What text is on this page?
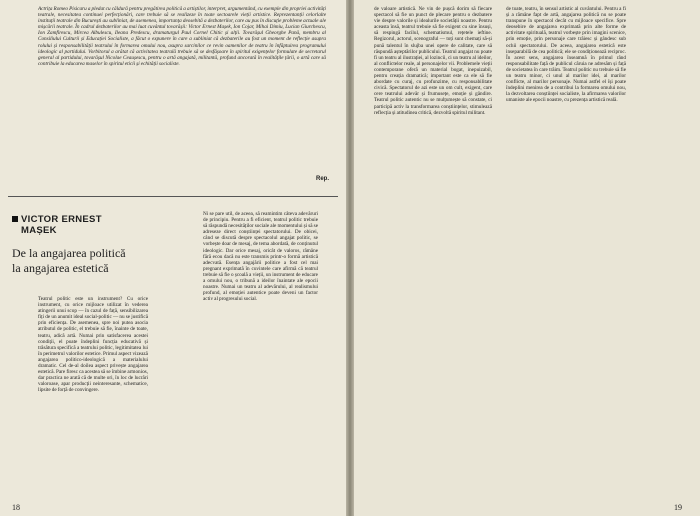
Actrița Romeo Pisicaru a pledat cu căldură pentru pregătirea politică a artiștilor, interpret, argumentând, cu exemple din propriei activități teatrale, necesitatea continuei perfecționări, care trebuie să se realizeze în toate sectoarele vieții artistice. Reprezentanții celorlalte instituții teatrale din București au subliniat, de asemenea, importanța deosebită a dezbaterilor, care au pus în discuție probleme actuale ale mișcării teatrale. În cadrul dezbaterilor au mai luat cuvântul tovarășii: Victor Ernest Mașek, Ion Cojar, Mihai Dimiu, Lucian Giurchescu, Ion Zamfirescu, Mircea Albulescu, Ileana Predescu, dramaturgul Paul Cornel Chitic și alții. Tovarășul Gheorghe Pană, membru al Consiliului Culturii și Educației Socialiste, a făcut o expunere în care a subliniat că dezbaterile au fost un moment de reflecție asupra rolului și responsabilității teatrului în formarea omului nou, asupra sarcinilor ce revin oamenilor de teatru în înfăptuirea programului ideologic al partidului. Vorbitorul a arătat că activitatea teatrală trebuie să se desfășoare în spiritul exigențelor formulate de secretarul general al partidului, tovarășul Nicolae Ceaușescu, pentru o artă angajată, militantă, profund ancorată în realitățile țării, o artă care să contribuie la educarea maselor în spiritul eticii și echității socialiste.
Rep.
VICTOR ERNEST
MAȘEK
De la angajarea politică
la angajarea estetică
Teatrul politic este un instrument? Cu orice instrument, cu orice mijloace utilizat în vederea atingerii unui scop — în cazul de față, sensibilizarea fiți de un anumit ideal social-politic — nu se justifică prin eficiența. De asemenea, spre noi putea asocia atributul de politic, el trebuie să fie, înainte de toate, teatru, adică artă. Numai prin satisfacerea acestei condiții, el poate îndeplini funcția educativă și trăsătura specifică a teatrului politic, legitimitatea lui în perimetrul valorilor estetice. Primul aspect vizează angajarea politico-ideologică a materialului dramatic. Cel de-al doilea aspect privește angajarea estetică. Pare firesc ca acestea să se îmbine armonios, dar practica ne arată că de multe ori, în loc de lucrări valoroase, apar producții neinteresante, schematice, lipsite de forță de convingere.
Ni se pare util, de aceea, să reamintim câteva adevăruri de principiu. Pentru a fi eficient, teatrul politic trebuie să răspundă necesităților sociale ale momentului și să se adreseze direct conștiinței spectatorului. De obicei, când se discută despre spectacolul angajat politic, se vorbește doar de mesaj, de tema abordată, de conținutul ideologic. Dar orice mesaj, oricât de valoros, rămâne fără ecou dacă nu este transmis printr-o formă artistică adecvată. Esența angajării politice a fost cel mai pregnant exprimată în cuvintele care afirmă că teatrul trebuie să fie o școală a vieții, un instrument de educare a omului nou, o tribună a ideilor înaintate ale epocii noastre. Numai un teatru al adevărului, al realismului profund, al emoției autentice poate deveni un factor activ al progresului social.
18
de valoare artistică. Ne vin de pușcă dorim să fiecare spectacol să fie un punct de plecare pentru o dezbatere vie despre valorile și idealurile societății noastre. Pentru aceasta însă, teatrul trebuie să fie exigent cu sine însuși, să respingă facilul, schematismul, rețetele ieftine. Regizorul, actorul, scenograful — toți sunt chemați să-și pună talentul în slujba unei opere de calitate, care să răspundă așteptărilor publicului. Teatrul angajat nu poate fi un teatru al ilustrației, al lozincii, ci un teatru al ideilor, al conflictelor reale, al personajelor vii. Problemele vieții contemporane oferă un material bogat, inepuizabil, pentru creația dramatică; important este ca ele să fie abordate cu curaj, cu profunzime, cu responsabilitate civică. Spectatorul de azi este un om cult, exigent, care cere teatrului adevăr și frumusețe, emoție și gândire. Teatrul politic autentic nu se mulțumește să constate, ci participă activ la transformarea conștiințelor, stimulează reflecția și atitudinea critică, dezvoltă spiritul militant.
de toate, teatru, în sensul artistic al cuvântului. Pentru a fi și a rămâne fapt de artă, angajarea politică nu se poate transpune în spectacol decât cu mijloace specifice. Spre deosebire de angajarea exprimată prin alte forme de activitate spirituală, teatrul vorbește prin imagini scenice, prin emoție, prin personaje care trăiesc și gândesc sub ochii spectatorului. De aceea, angajarea estetică este inseparabilă de cea politică; ele se condiționează reciproc. În acest sens, angajarea înseamnă în primul rând responsabilitate față de publicul căruia ne adresăm și față de societatea în care trăim. Teatrul politic nu trebuie să fie un teatru minor, ci unul al marilor idei, al marilor conflicte, al marilor personaje. Numai astfel el își poate îndeplini menirea de a contribui la formarea omului nou, la dezvoltarea conștiinței socialiste, la afirmarea valorilor umaniste ale epocii noastre, cu prezența artistică reală.
19
